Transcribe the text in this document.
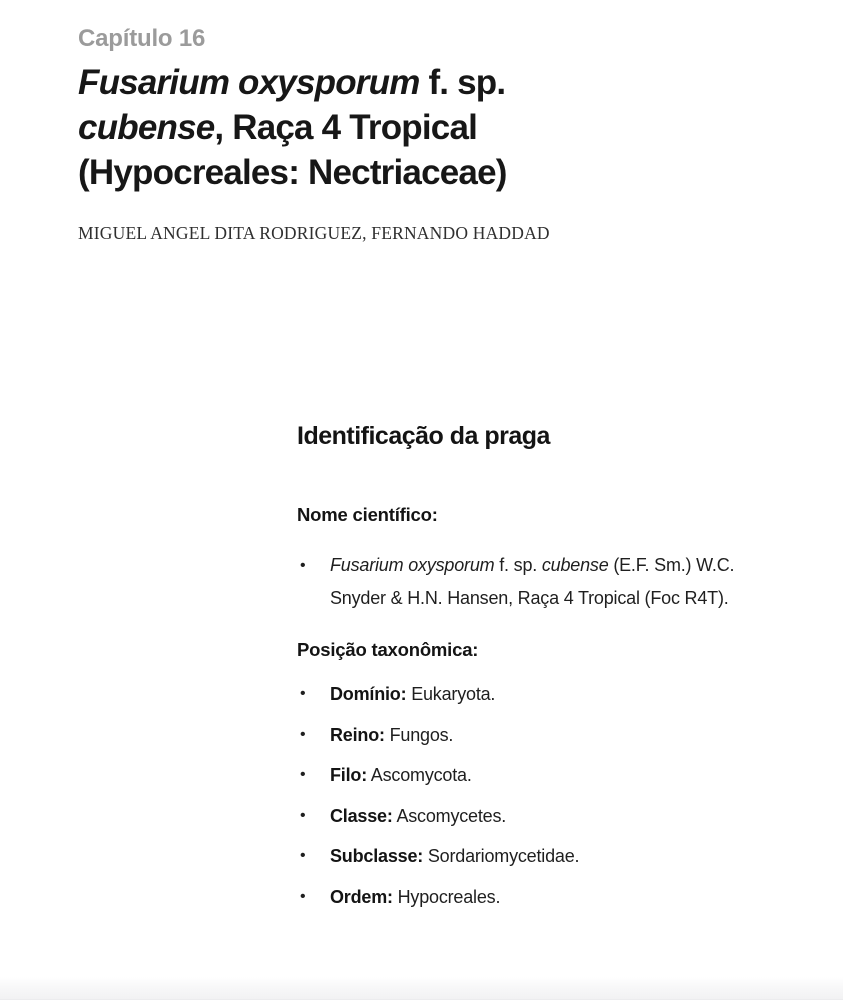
Capítulo 16
Fusarium oxysporum f. sp.
cubense, Raça 4 Tropical
(Hypocreales: Nectriaceae)
MIGUEL ANGEL DITA RODRIGUEZ, FERNANDO HADDAD
Identificação da praga
Nome científico:
• Fusarium oxysporum f. sp. cubense (E.F. Sm.) W.C. Snyder & H.N. Hansen, Raça 4 Tropical (Foc R4T).
Posição taxonômica:
• Domínio: Eukaryota.
• Reino: Fungos.
• Filo: Ascomycota.
• Classe: Ascomycetes.
• Subclasse: Sordariomycetidae.
• Ordem: Hypocreales.
